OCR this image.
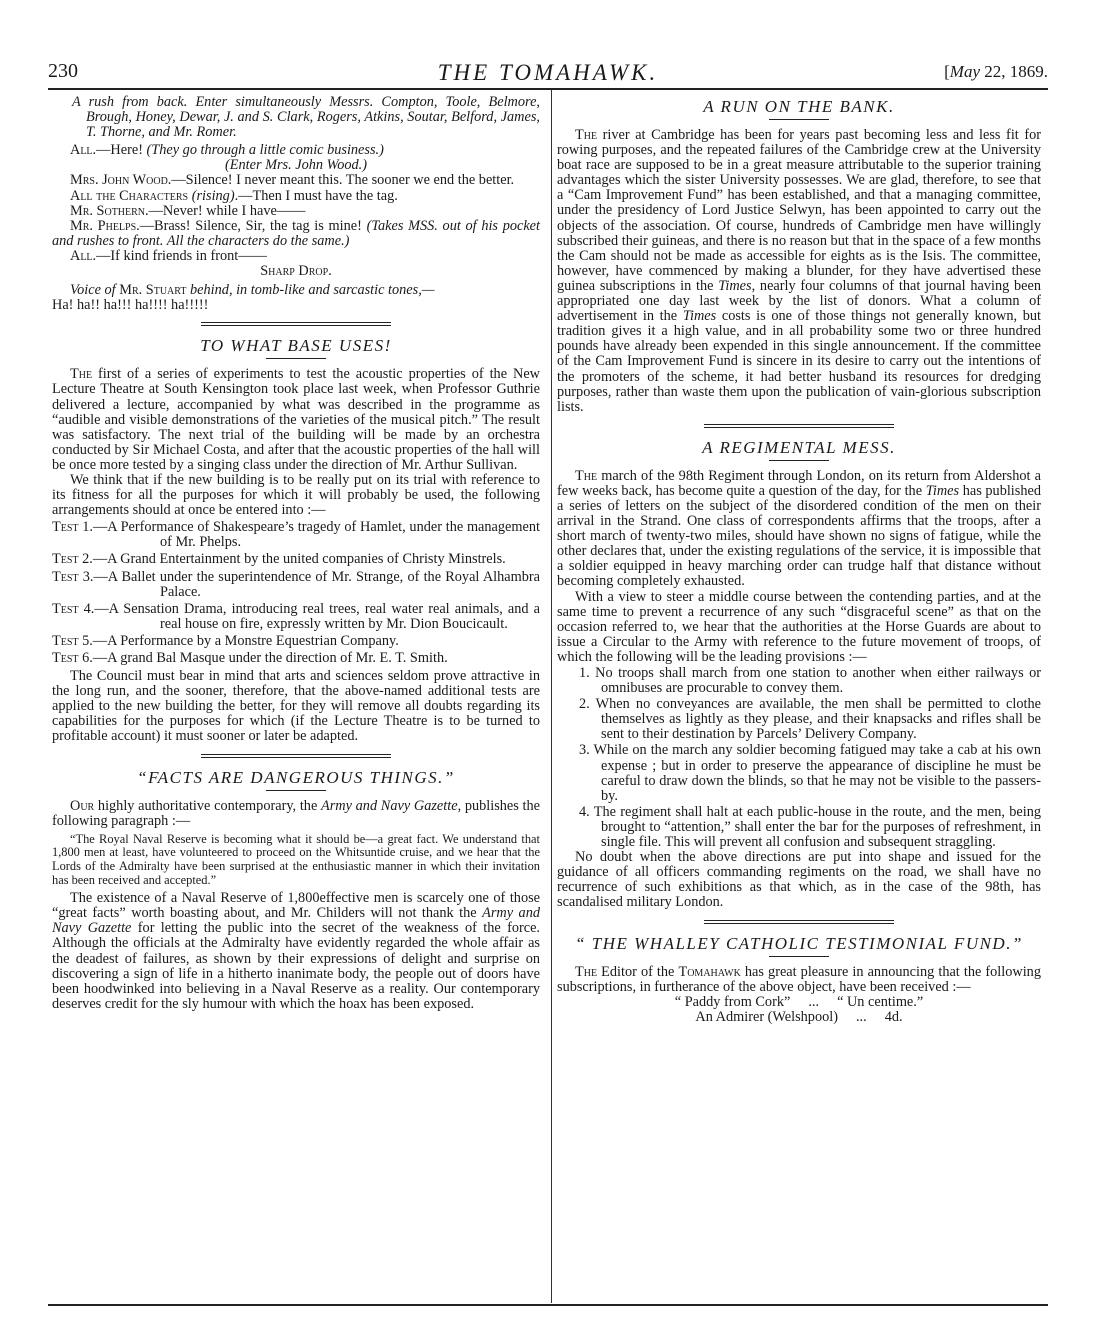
230	THE TOMAHAWK.	[May 22, 1869.

A rush from back. Enter simultaneously Messrs. Compton, Toole, Belmore, Brough, Honey, Dewar, J. and S. Clark, Rogers, Atkins, Soutar, Belford, James, T. Thorne, and Mr. Romer.

All.—Here! (They go through a little comic business.)

(Enter Mrs. John Wood.)

Mrs. John Wood.—Silence! I never meant this. The sooner we end the better.

All the Characters (rising).—Then I must have the tag.

Mr. Sothern.—Never! while I have——

Mr. Phelps.—Brass! Silence, Sir, the tag is mine! (Takes MSS. out of his pocket and rushes to front. All the characters do the same.)

All.—If kind friends in front——

Sharp Drop.

Voice of Mr. Stuart behind, in tomb-like and sarcastic tones,—

Ha! ha!! ha!!! ha!!!! ha!!!!!

TO WHAT BASE USES!

The first of a series of experiments to test the acoustic properties of the New Lecture Theatre at South Kensington took place last week, when Professor Guthrie delivered a lecture, accompanied by what was described in the programme as “audible and visible demonstrations of the varieties of the musical pitch.” The result was satisfactory. The next trial of the building will be made by an orchestra conducted by Sir Michael Costa, and after that the acoustic properties of the hall will be once more tested by a singing class under the direction of Mr. Arthur Sullivan.

We think that if the new building is to be really put on its trial with reference to its fitness for all the purposes for which it will probably be used, the following arrangements should at once be entered into :—

Test 1.—A Performance of Shakespeare’s tragedy of Hamlet, under the management of Mr. Phelps.

Test 2.—A Grand Entertainment by the united companies of Christy Minstrels.

Test 3.—A Ballet under the superintendence of Mr. Strange, of the Royal Alhambra Palace.

Test 4.—A Sensation Drama, introducing real trees, real water real animals, and a real house on fire, expressly written by Mr. Dion Boucicault.

Test 5.—A Performance by a Monstre Equestrian Company.

Test 6.—A grand Bal Masque under the direction of Mr. E. T. Smith.

The Council must bear in mind that arts and sciences seldom prove attractive in the long run, and the sooner, therefore, that the above-named additional tests are applied to the new building the better, for they will remove all doubts regarding its capabilities for the purposes for which (if the Lecture Theatre is to be turned to profitable account) it must sooner or later be adapted.

“FACTS ARE DANGEROUS THINGS.”

Our highly authoritative contemporary, the Army and Navy Gazette, publishes the following paragraph :—

“The Royal Naval Reserve is becoming what it should be—a great fact. We understand that 1,800 men at least, have volunteered to proceed on the Whitsuntide cruise, and we hear that the Lords of the Admiralty have been surprised at the enthusiastic manner in which their invitation has been received and accepted.”

The existence of a Naval Reserve of 1,800effective men is scarcely one of those “great facts” worth boasting about, and Mr. Childers will not thank the Army and Navy Gazette for letting the public into the secret of the weakness of the force. Although the officials at the Admiralty have evidently regarded the whole affair as the deadest of failures, as shown by their expressions of delight and surprise on discovering a sign of life in a hitherto inanimate body, the people out of doors have been hoodwinked into believing in a Naval Reserve as a reality. Our contemporary deserves credit for the sly humour with which the hoax has been exposed.

A RUN ON THE BANK.

The river at Cambridge has been for years past becoming less and less fit for rowing purposes, and the repeated failures of the Cambridge crew at the University boat race are supposed to be in a great measure attributable to the superior training advantages which the sister University possesses. We are glad, therefore, to see that a “Cam Improvement Fund” has been established, and that a managing committee, under the presidency of Lord Justice Selwyn, has been appointed to carry out the objects of the association. Of course, hundreds of Cambridge men have willingly subscribed their guineas, and there is no reason but that in the space of a few months the Cam should not be made as accessible for eights as is the Isis. The committee, however, have commenced by making a blunder, for they have advertised these guinea subscriptions in the Times, nearly four columns of that journal having been appropriated one day last week by the list of donors. What a column of advertisement in the Times costs is one of those things not generally known, but tradition gives it a high value, and in all probability some two or three hundred pounds have already been expended in this single announcement. If the committee of the Cam Improvement Fund is sincere in its desire to carry out the intentions of the promoters of the scheme, it had better husband its resources for dredging purposes, rather than waste them upon the publication of vain-glorious subscription lists.

A REGIMENTAL MESS.

The march of the 98th Regiment through London, on its return from Aldershot a few weeks back, has become quite a question of the day, for the Times has published a series of letters on the subject of the disordered condition of the men on their arrival in the Strand. One class of correspondents affirms that the troops, after a short march of twenty-two miles, should have shown no signs of fatigue, while the other declares that, under the existing regulations of the service, it is impossible that a soldier equipped in heavy marching order can trudge half that distance without becoming completely exhausted.

With a view to steer a middle course between the contending parties, and at the same time to prevent a recurrence of any such “disgraceful scene” as that on the occasion referred to, we hear that the authorities at the Horse Guards are about to issue a Circular to the Army with reference to the future movement of troops, of which the following will be the leading provisions :—

1. No troops shall march from one station to another when either railways or omnibuses are procurable to convey them.

2. When no conveyances are available, the men shall be permitted to clothe themselves as lightly as they please, and their knapsacks and rifles shall be sent to their destination by Parcels’ Delivery Company.

3. While on the march any soldier becoming fatigued may take a cab at his own expense ; but in order to preserve the appearance of discipline he must be careful to draw down the blinds, so that he may not be visible to the passers-by.

4. The regiment shall halt at each public-house in the route, and the men, being brought to “attention,” shall enter the bar for the purposes of refreshment, in single file. This will prevent all confusion and subsequent straggling.

No doubt when the above directions are put into shape and issued for the guidance of all officers commanding regiments on the road, we shall have no recurrence of such exhibitions as that which, as in the case of the 98th, has scandalised military London.

“ THE WHALLEY CATHOLIC TESTIMONIAL FUND.”

The Editor of the Tomahawk has great pleasure in announcing that the following subscriptions, in furtherance of the above object, have been received :—

“ Paddy from Cork” ... “ Un centime.”
An Admirer (Welshpool) ... 4d.
